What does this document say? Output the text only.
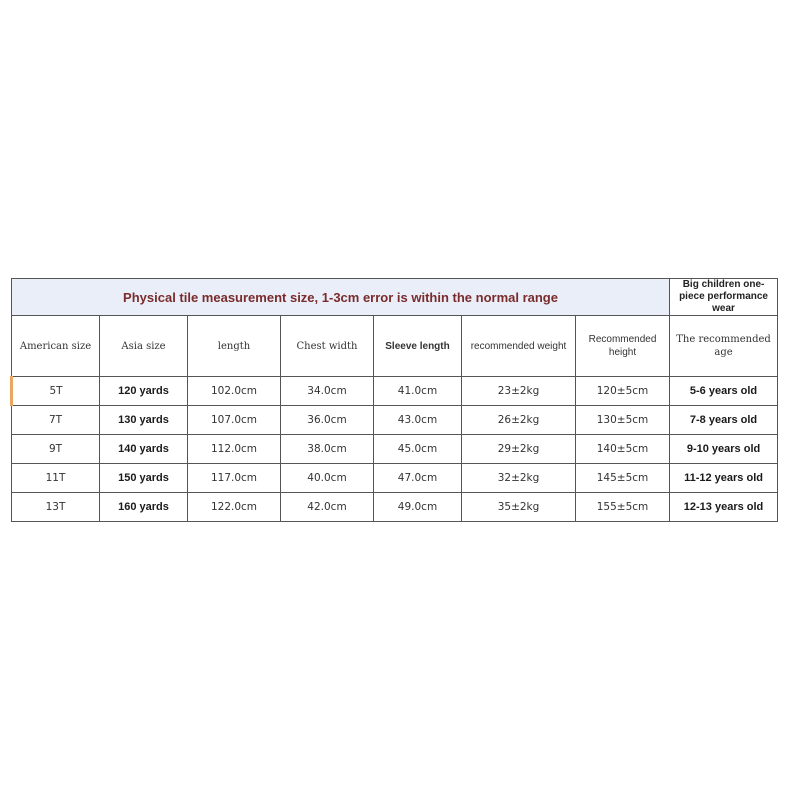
Physical tile measurement size, 1-3cm error is within the normal range							Big children one-piece performance wear
American size	Asia size	length	Chest width	Sleeve length	recommended weight	Recommended height	The recommended age
5T	120 yards	102.0cm	34.0cm	41.0cm	23±2kg	120±5cm	5-6 years old
7T	130 yards	107.0cm	36.0cm	43.0cm	26±2kg	130±5cm	7-8 years old
9T	140 yards	112.0cm	38.0cm	45.0cm	29±2kg	140±5cm	9-10 years old
11T	150 yards	117.0cm	40.0cm	47.0cm	32±2kg	145±5cm	11-12 years old
13T	160 yards	122.0cm	42.0cm	49.0cm	35±2kg	155±5cm	12-13 years old
